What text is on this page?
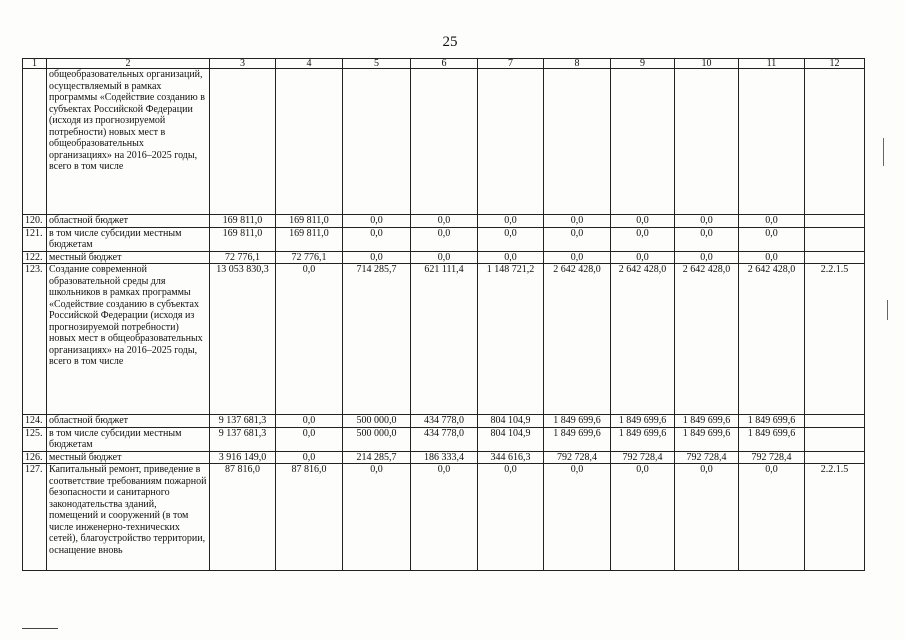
25
1	2	3	4	5	6	7	8	9	10	11	12
	общеобразовательных организаций, осуществляемый в рамках программы «Содействие созданию в субъектах Российской Федерации (исходя из прогнозируемой потребности) новых мест в общеобразовательных организациях» на 2016–2025 годы, всего в том числе										
120.	областной бюджет	169 811,0	169 811,0	0,0	0,0	0,0	0,0	0,0	0,0	0,0	
121.	в том числе субсидии местным бюджетам	169 811,0	169 811,0	0,0	0,0	0,0	0,0	0,0	0,0	0,0	
122.	местный бюджет	72 776,1	72 776,1	0,0	0,0	0,0	0,0	0,0	0,0	0,0	
123.	Создание современной образовательной среды для школьников в рамках программы «Содействие созданию в субъектах Российской Федерации (исходя из прогнозируемой потребности) новых мест в общеобразовательных организациях» на 2016–2025 годы, всего в том числе	13 053 830,3	0,0	714 285,7	621 111,4	1 148 721,2	2 642 428,0	2 642 428,0	2 642 428,0	2 642 428,0	2.2.1.5
124.	областной бюджет	9 137 681,3	0,0	500 000,0	434 778,0	804 104,9	1 849 699,6	1 849 699,6	1 849 699,6	1 849 699,6	
125.	в том числе субсидии местным бюджетам	9 137 681,3	0,0	500 000,0	434 778,0	804 104,9	1 849 699,6	1 849 699,6	1 849 699,6	1 849 699,6	
126.	местный бюджет	3 916 149,0	0,0	214 285,7	186 333,4	344 616,3	792 728,4	792 728,4	792 728,4	792 728,4	
127.	Капитальный ремонт, приведение в соответствие требованиям пожарной безопасности и санитарного законодательства зданий, помещений и сооружений (в том числе инженерно-технических сетей), благоустройство территории, оснащение вновь	87 816,0	87 816,0	0,0	0,0	0,0	0,0	0,0	0,0	0,0	2.2.1.5
